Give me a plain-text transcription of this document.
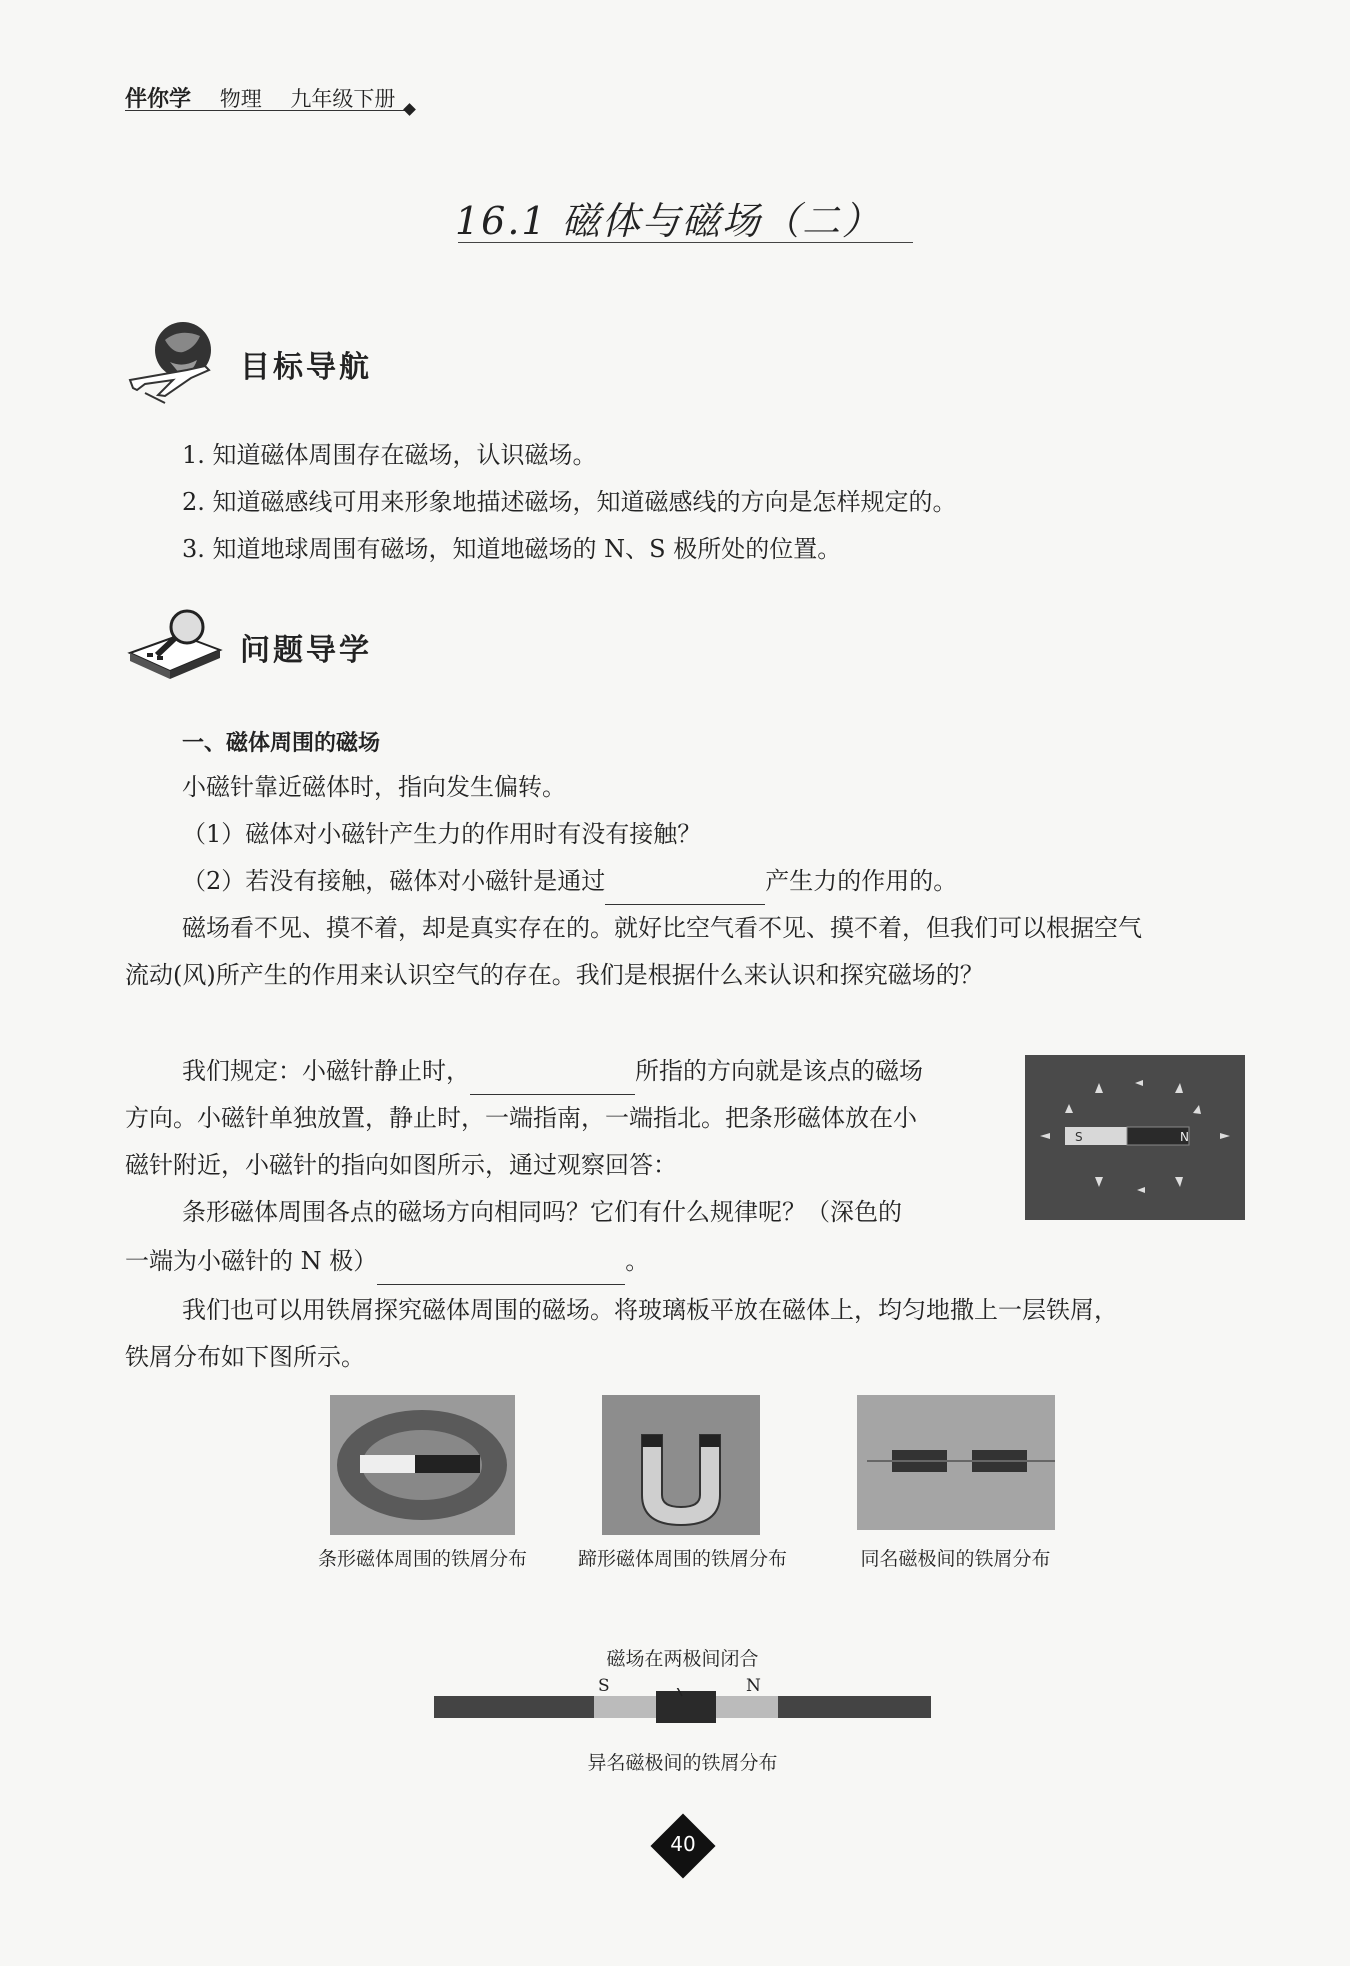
伴你学 物理 九年级下册
16.1 磁体与磁场（二）
目标导航
1. 知道磁体周围存在磁场，认识磁场。
2. 知道磁感线可用来形象地描述磁场，知道磁感线的方向是怎样规定的。
3. 知道地球周围有磁场，知道地磁场的 N、S 极所处的位置。
问题导学
一、磁体周围的磁场
小磁针靠近磁体时，指向发生偏转。
（1）磁体对小磁针产生力的作用时有没有接触？
（2）若没有接触，磁体对小磁针是通过	产生力的作用的。
磁场看不见、摸不着，却是真实存在的。就好比空气看不见、摸不着，但我们可以根据空气
流动(风)所产生的作用来认识空气的存在。我们是根据什么来认识和探究磁场的？
我们规定：小磁针静止时，	所指的方向就是该点的磁场
方向。小磁针单独放置，静止时，一端指南，一端指北。把条形磁体放在小
磁针附近，小磁针的指向如图所示，通过观察回答：
条形磁体周围各点的磁场方向相同吗？它们有什么规律呢？（深色的
一端为小磁针的 N 极）	。
我们也可以用铁屑探究磁体周围的磁场。将玻璃板平放在磁体上，均匀地撒上一层铁屑，
铁屑分布如下图所示。
S	N
条形磁体周围的铁屑分布	蹄形磁体周围的铁屑分布	同名磁极间的铁屑分布
磁场在两极间闭合
S	N
异名磁极间的铁屑分布
40
